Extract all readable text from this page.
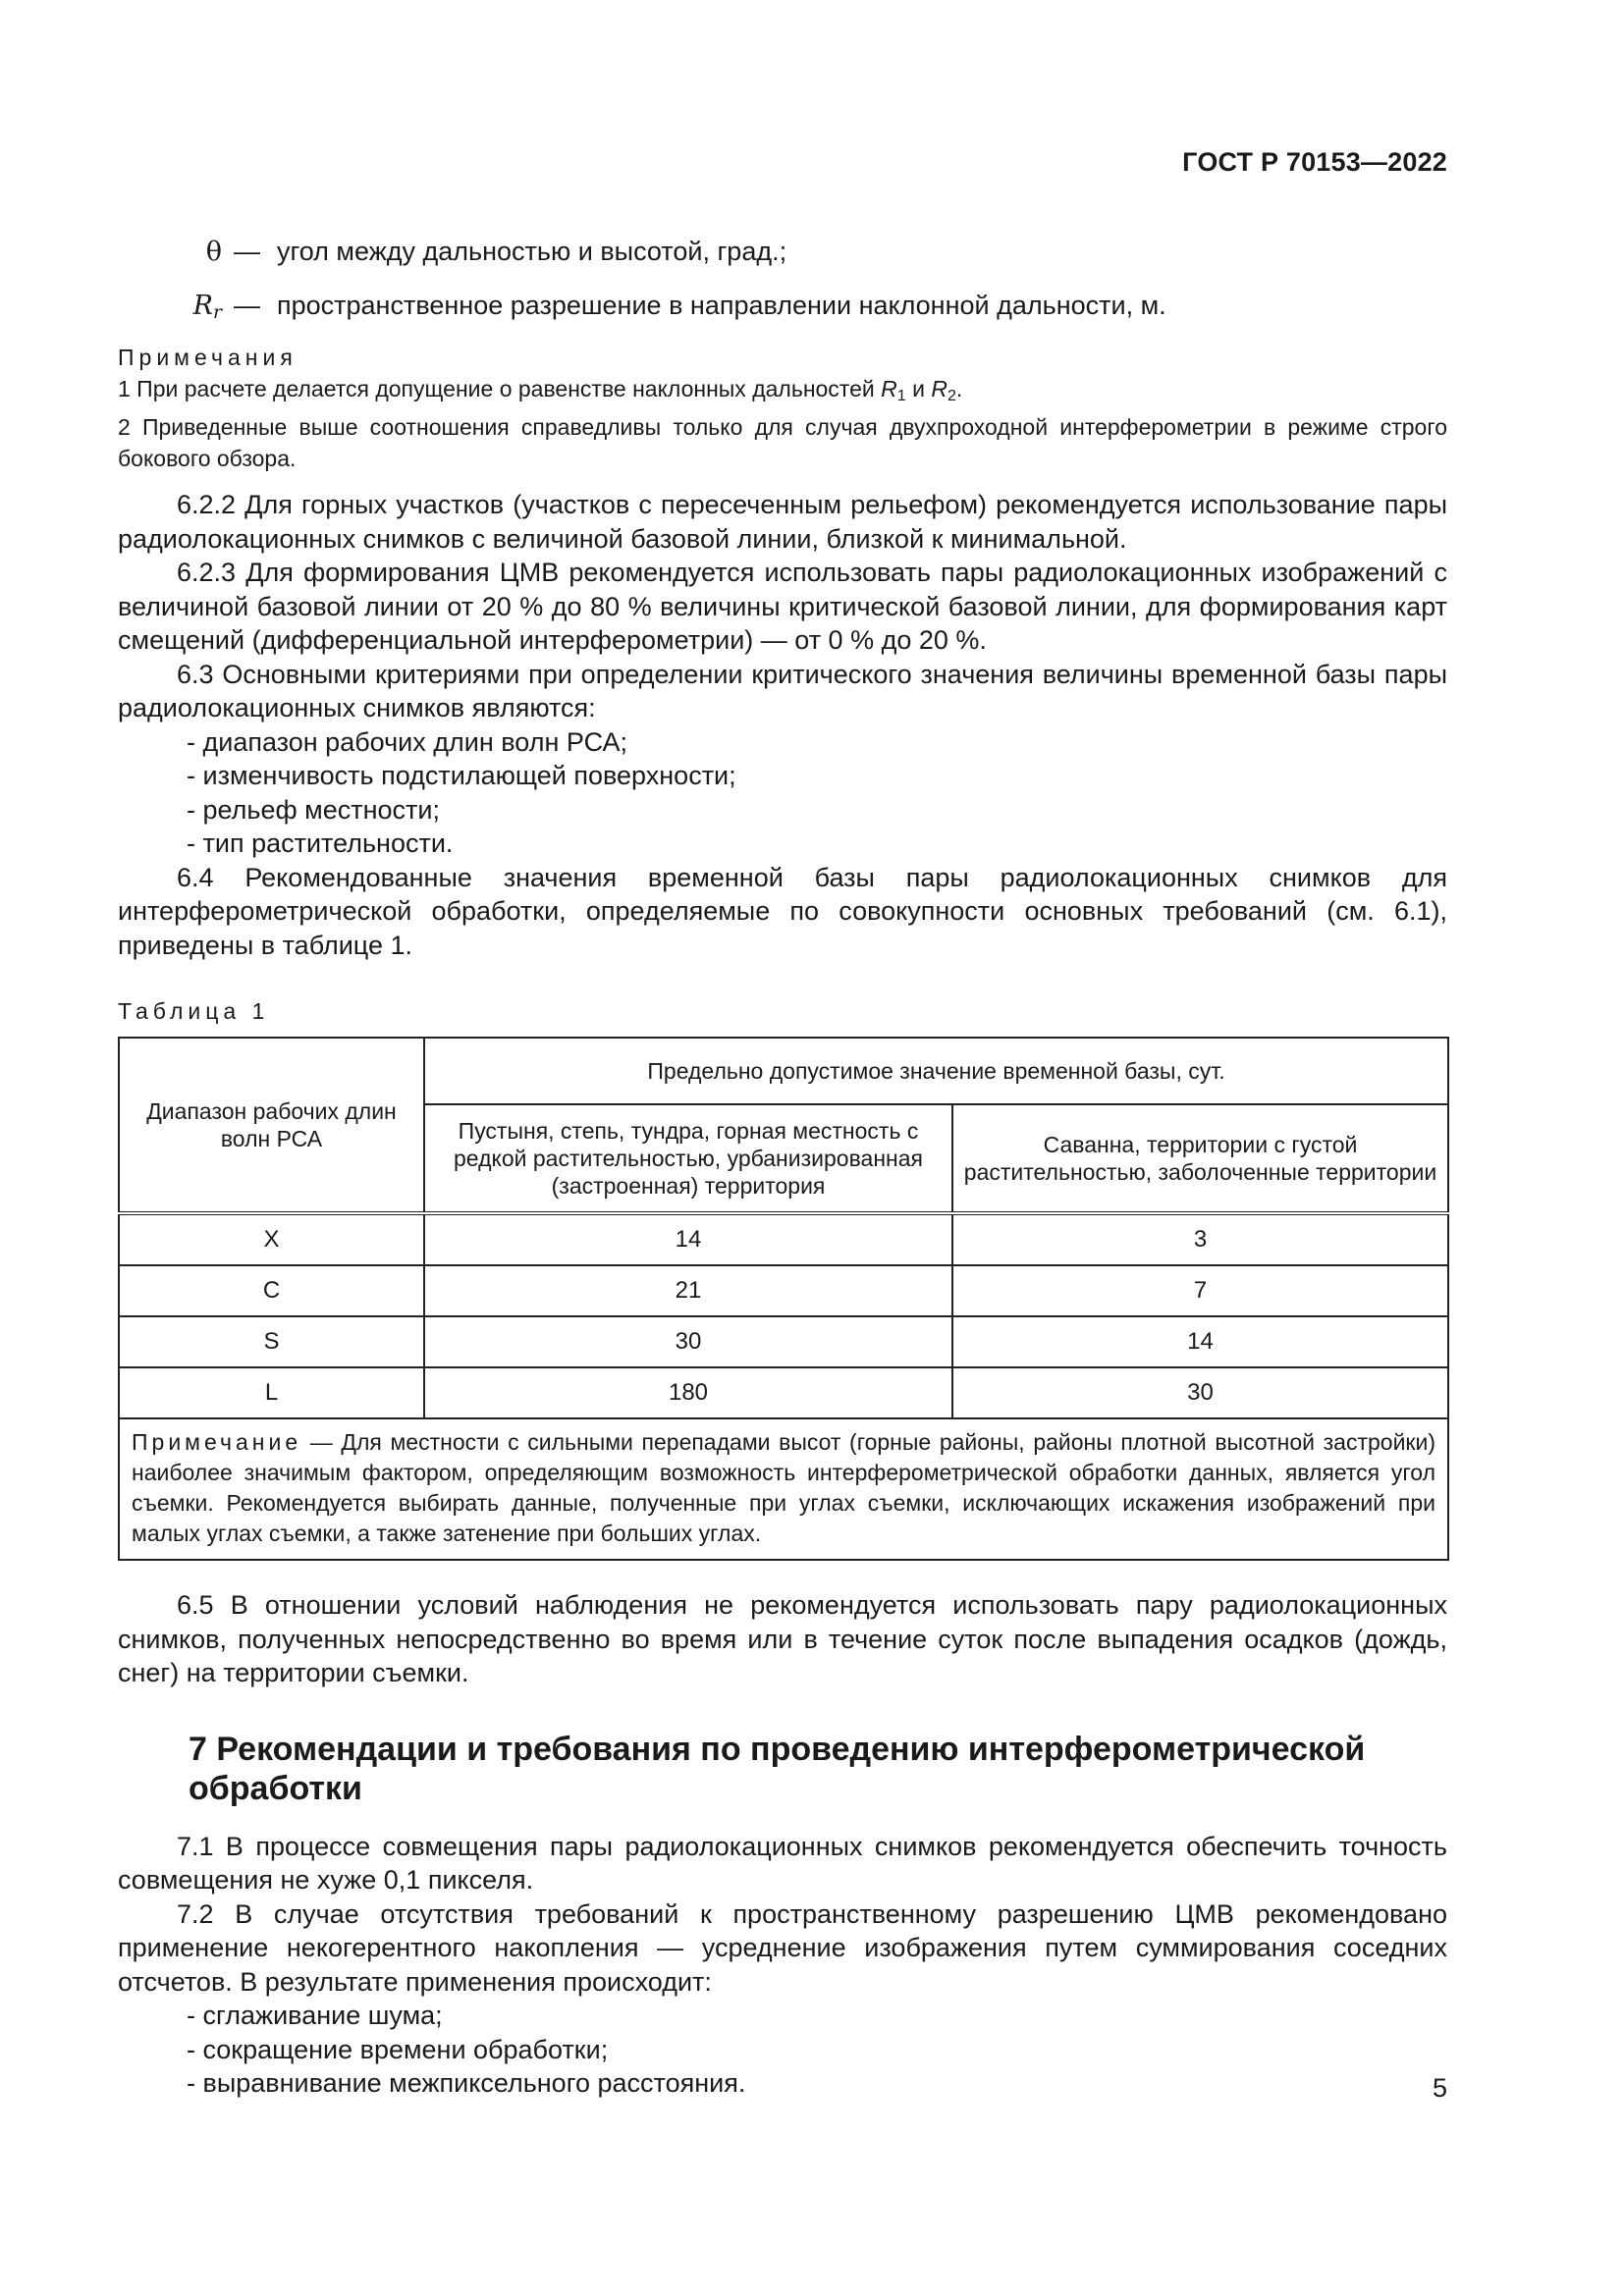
ГОСТ Р 70153—2022
θ — угол между дальностью и высотой, град.;
$R_r$ — пространственное разрешение в направлении наклонной дальности, м.
Примечания
1 При расчете делается допущение о равенстве наклонных дальностей $R_1$ и $R_2$.
2 Приведенные выше соотношения справедливы только для случая двухпроходной интерферометрии в режиме строго бокового обзора.

6.2.2 Для горных участков (участков с пересеченным рельефом) рекомендуется использование пары радиолокационных снимков с величиной базовой линии, близкой к минимальной.

6.2.3 Для формирования ЦМВ рекомендуется использовать пары радиолокационных изображений с величиной базовой линии от 20 % до 80 % величины критической базовой линии, для формирования карт смещений (дифференциальной интерферометрии) — от 0 % до 20 %.

6.3 Основными критериями при определении критического значения величины временной базы пары радиолокационных снимков являются:

- диапазон рабочих длин волн РСА;
- изменчивость подстилающей поверхности;
- рельеф местности;
- тип растительности.

6.4 Рекомендованные значения временной базы пары радиолокационных снимков для интерферометрической обработки, определяемые по совокупности основных требований (см. 6.1), приведены в таблице 1.

Таблица 1
Диапазон рабочих длин волн РСА	Предельно допустимое значение временной базы, сут.	
	Пустыня, степь, тундра, горная местность с редкой растительностью, урбанизированная (застроенная) территория	Саванна, территории с густой растительностью, заболоченные территории
X	14	3
C	21	7
S	30	14
L	180	30
Примечание — Для местности с сильными перепадами высот (горные районы, районы плотной высотной застройки) наиболее значимым фактором, определяющим возможность интерферометрической обработки данных, является угол съемки. Рекомендуется выбирать данные, полученные при углах съемки, исключающих искажения изображений при малых углах съемки, а также затенение при больших углах.		

6.5 В отношении условий наблюдения не рекомендуется использовать пару радиолокационных снимков, полученных непосредственно во время или в течение суток после выпадения осадков (дождь, снег) на территории съемки.

7 Рекомендации и требования по проведению интерферометрической обработки

7.1 В процессе совмещения пары радиолокационных снимков рекомендуется обеспечить точность совмещения не хуже 0,1 пикселя.

7.2 В случае отсутствия требований к пространственному разрешению ЦМВ рекомендовано применение некогерентного накопления — усреднение изображения путем суммирования соседних отсчетов. В результате применения происходит:

- сглаживание шума;
- сокращение времени обработки;
- выравнивание межпиксельного расстояния.	5
